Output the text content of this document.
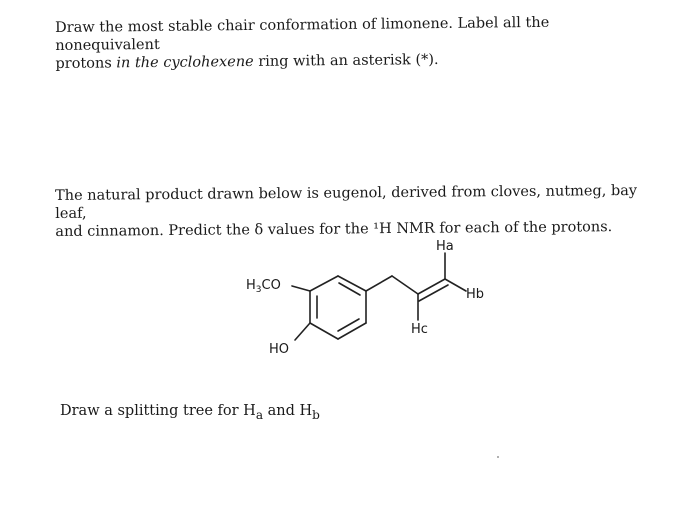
Draw the most stable chair conformation of limonene. Label all the nonequivalent
protons in the cyclohexene ring with an asterisk (*).

The natural product drawn below is eugenol, derived from cloves, nutmeg, bay leaf,
and cinnamon. Predict the δ values for the ¹H NMR for each of the protons.

Ha
Hb
Hc
H3CO
HO

Draw a splitting tree for $H_a$ and $H_b$
